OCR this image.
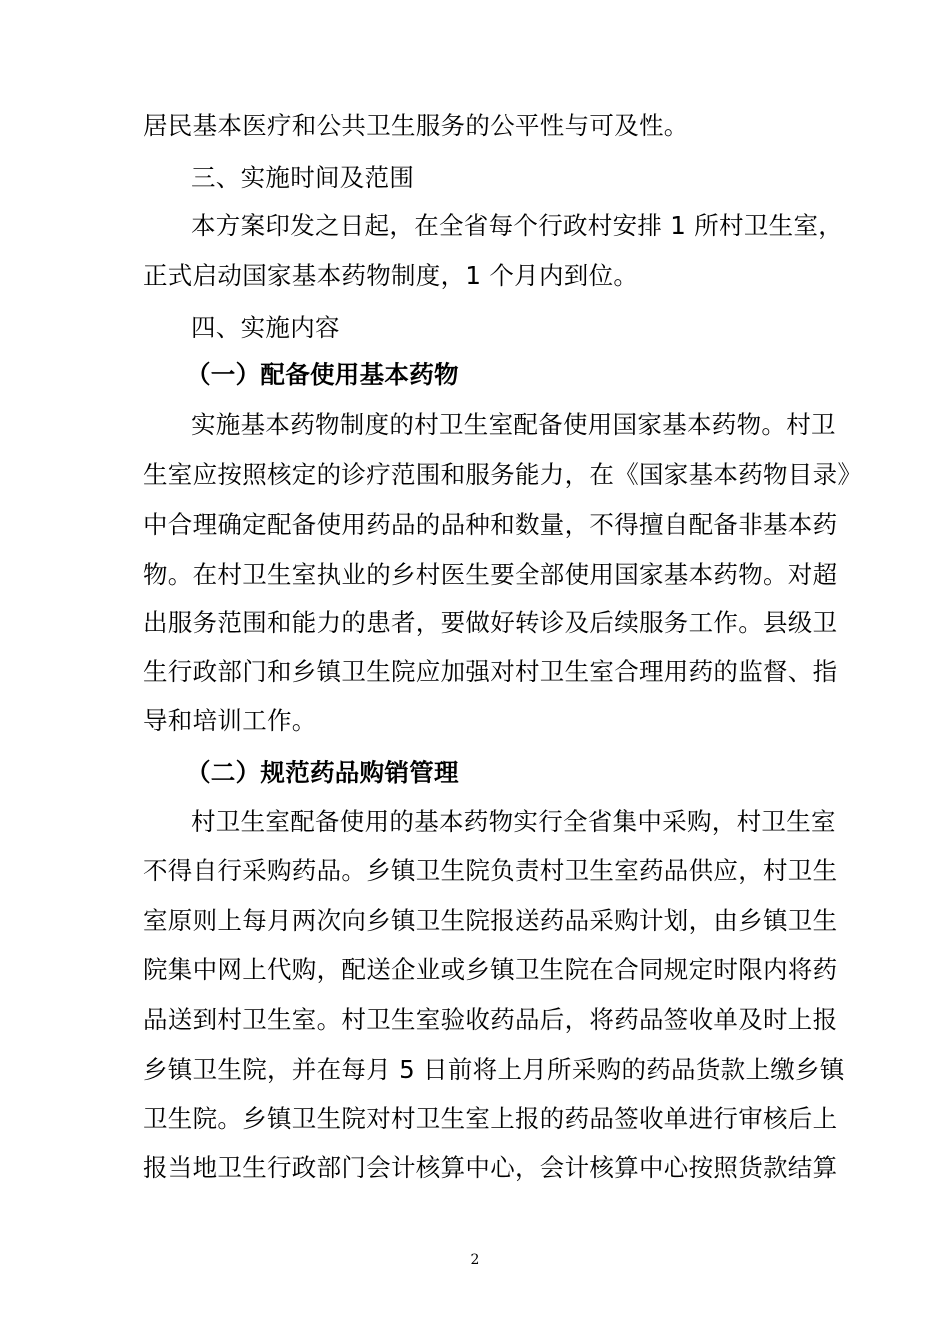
居民基本医疗和公共卫生服务的公平性与可及性。
三、实施时间及范围
本方案印发之日起，在全省每个行政村安排 1 所村卫生室，
正式启动国家基本药物制度，1 个月内到位。
四、实施内容
（一）配备使用基本药物
实施基本药物制度的村卫生室配备使用国家基本药物。村卫
生室应按照核定的诊疗范围和服务能力，在《国家基本药物目录》
中合理确定配备使用药品的品种和数量，不得擅自配备非基本药
物。在村卫生室执业的乡村医生要全部使用国家基本药物。对超
出服务范围和能力的患者，要做好转诊及后续服务工作。县级卫
生行政部门和乡镇卫生院应加强对村卫生室合理用药的监督、指
导和培训工作。
（二）规范药品购销管理
村卫生室配备使用的基本药物实行全省集中采购，村卫生室
不得自行采购药品。乡镇卫生院负责村卫生室药品供应，村卫生
室原则上每月两次向乡镇卫生院报送药品采购计划，由乡镇卫生
院集中网上代购，配送企业或乡镇卫生院在合同规定时限内将药
品送到村卫生室。村卫生室验收药品后，将药品签收单及时上报
乡镇卫生院，并在每月 5 日前将上月所采购的药品货款上缴乡镇
卫生院。乡镇卫生院对村卫生室上报的药品签收单进行审核后上
报当地卫生行政部门会计核算中心，会计核算中心按照货款结算
2
